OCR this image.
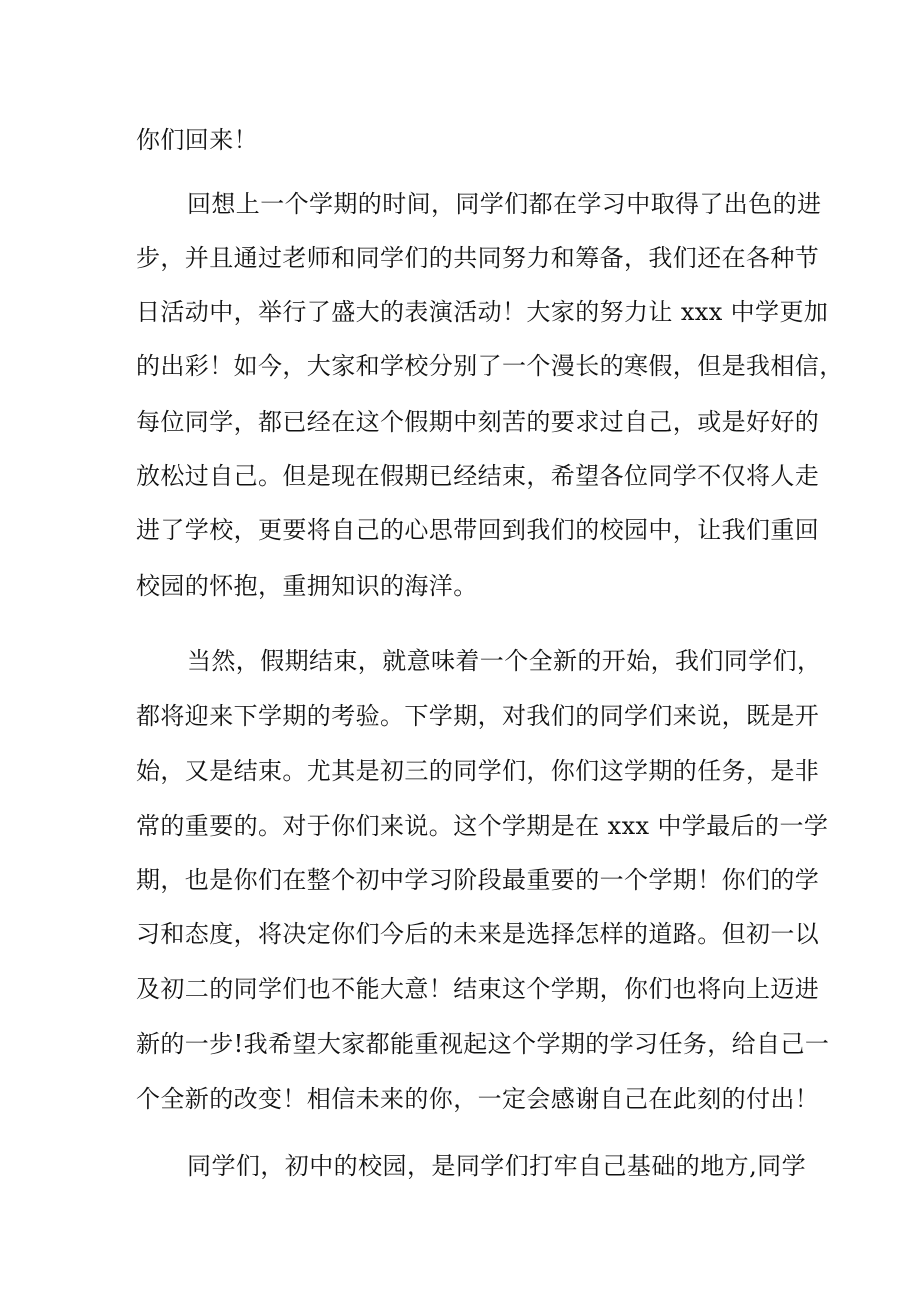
你们回来！
回想上一个学期的时间，同学们都在学习中取得了出色的进
步，并且通过老师和同学们的共同努力和筹备，我们还在各种节
日活动中，举行了盛大的表演活动！大家的努力让 xxx 中学更加
的出彩！如今，大家和学校分别了一个漫长的寒假，但是我相信，
每位同学，都已经在这个假期中刻苦的要求过自己，或是好好的
放松过自己。但是现在假期已经结束，希望各位同学不仅将人走
进了学校，更要将自己的心思带回到我们的校园中，让我们重回
校园的怀抱，重拥知识的海洋。
当然，假期结束，就意味着一个全新的开始，我们同学们，
都将迎来下学期的考验。下学期，对我们的同学们来说，既是开
始，又是结束。尤其是初三的同学们，你们这学期的任务，是非
常的重要的。对于你们来说。这个学期是在 xxx 中学最后的一学
期，也是你们在整个初中学习阶段最重要的一个学期！你们的学
习和态度，将决定你们今后的未来是选择怎样的道路。但初一以
及初二的同学们也不能大意！结束这个学期，你们也将向上迈进
新的一步!我希望大家都能重视起这个学期的学习任务，给自己一
个全新的改变！相信未来的你，一定会感谢自己在此刻的付出！
同学们，初中的校园，是同学们打牢自己基础的地方,同学
